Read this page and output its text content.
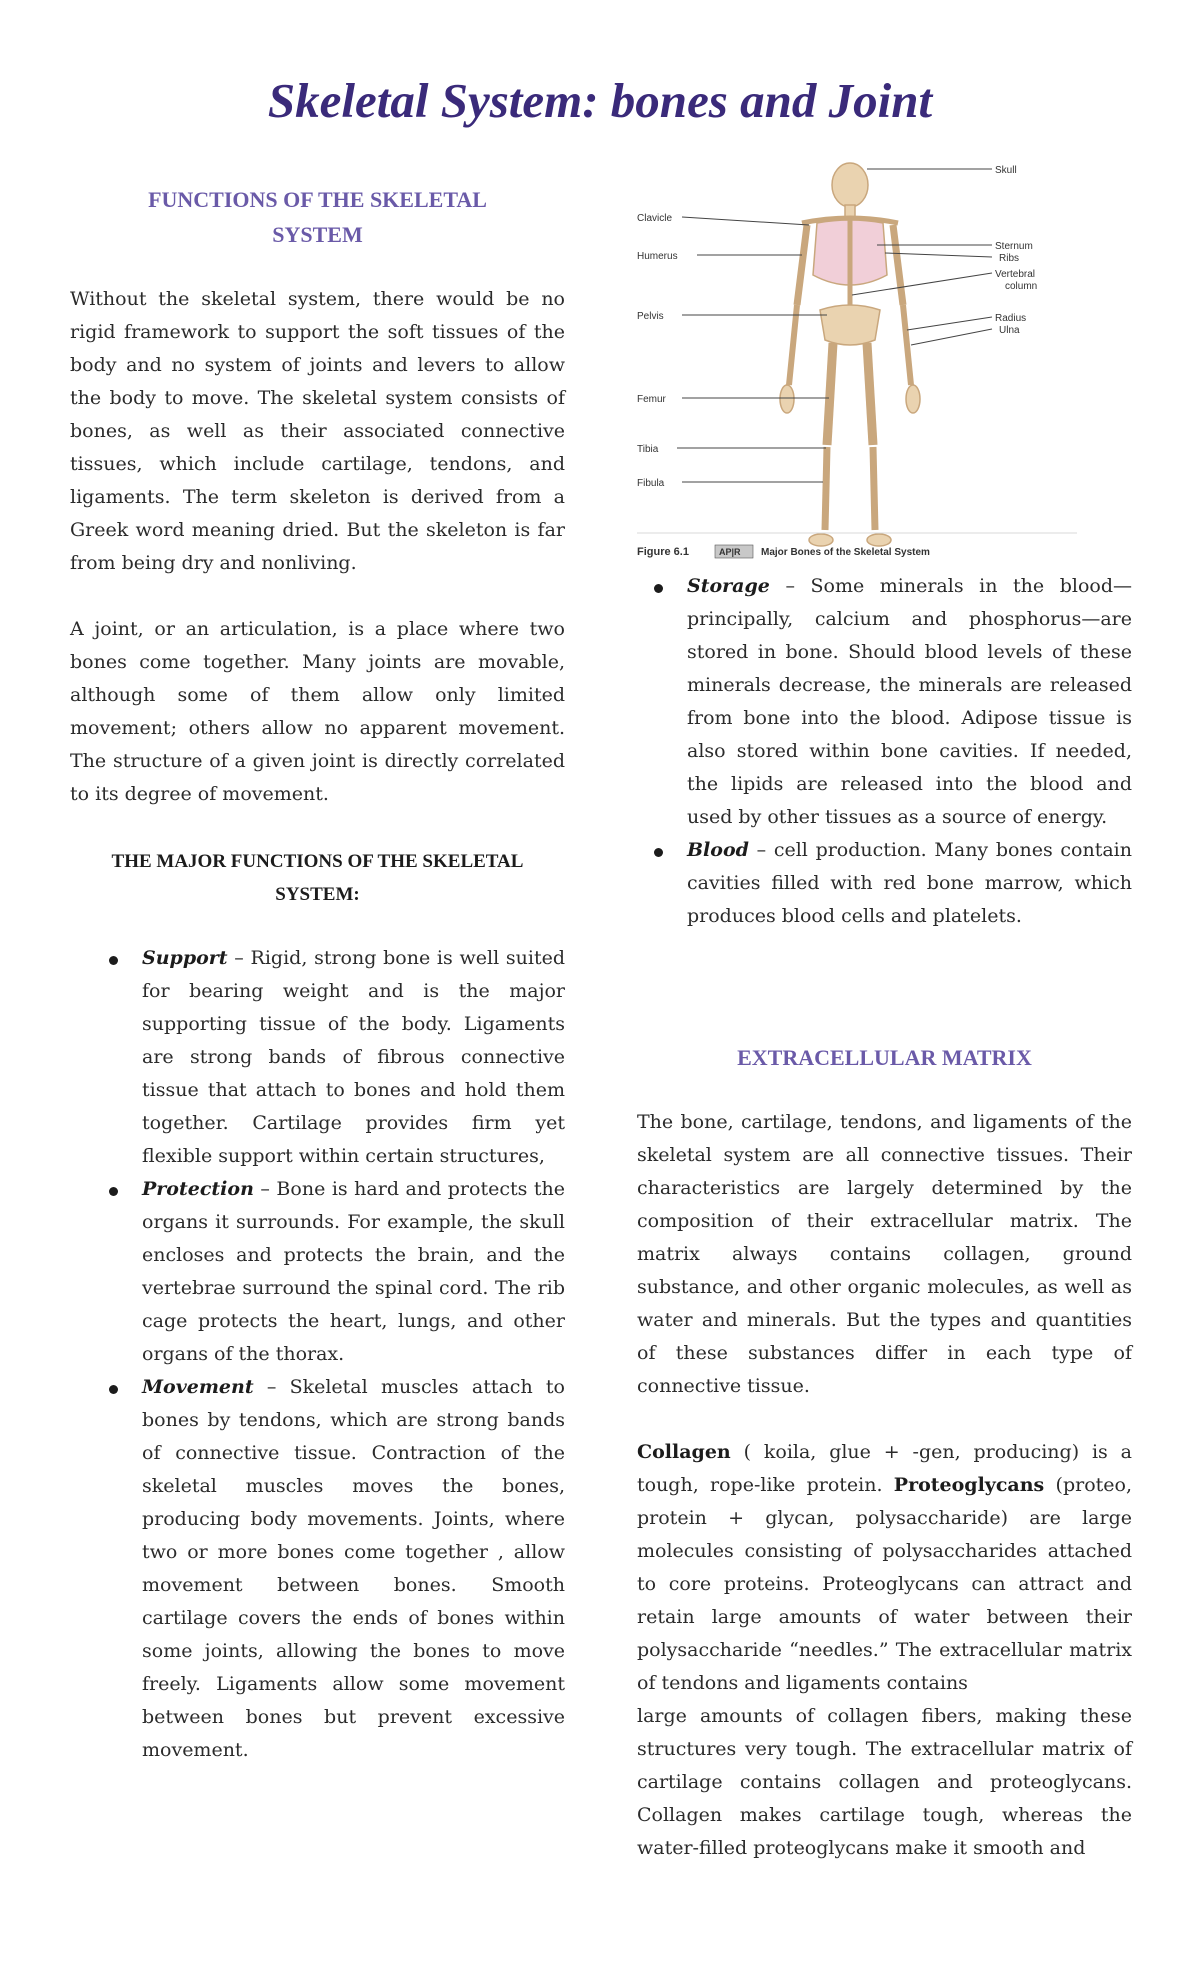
Skeletal System: bones and Joint
FUNCTIONS OF THE SKELETAL
SYSTEM

Without the skeletal system, there would be no rigid framework to support the soft tissues of the body and no system of joints and levers to allow the body to move. The skeletal system consists of bones, as well as their associated connective tissues, which include cartilage, tendons, and ligaments. The term skeleton is derived from a Greek word meaning dried. But the skeleton is far from being dry and nonliving.

A joint, or an articulation, is a place where two bones come together. Many joints are movable, although some of them allow only limited movement; others allow no apparent movement. The structure of a given joint is directly correlated to its degree of movement.

THE MAJOR FUNCTIONS OF THE SKELETAL
SYSTEM:

Support – Rigid, strong bone is well suited for bearing weight and is the major supporting tissue of the body. Ligaments are strong bands of fibrous connective tissue that attach to bones and hold them together. Cartilage provides firm yet flexible support within certain structures,

Protection – Bone is hard and protects the organs it surrounds. For example, the skull encloses and protects the brain, and the vertebrae surround the spinal cord. The rib cage protects the heart, lungs, and other organs of the thorax.

Movement – Skeletal muscles attach to bones by tendons, which are strong bands of connective tissue. Contraction of the skeletal muscles moves the bones, producing body movements. Joints, where two or more bones come together , allow movement between bones. Smooth cartilage covers the ends of bones within some joints, allowing the bones to move freely. Ligaments allow some movement between bones but prevent excessive movement.

Clavicle
Humerus
Pelvis
Femur
Tibia
Fibula
Skull
Sternum
Ribs
Vertebral
column
Radius
Ulna
Figure 6.1	AP|R Major Bones of the Skeletal System

Storage – Some minerals in the blood—principally, calcium and phosphorus—are stored in bone. Should blood levels of these minerals decrease, the minerals are released from bone into the blood. Adipose tissue is also stored within bone cavities. If needed, the lipids are released into the blood and used by other tissues as a source of energy.

Blood – cell production. Many bones contain cavities filled with red bone marrow, which produces blood cells and platelets.

EXTRACELLULAR MATRIX

The bone, cartilage, tendons, and ligaments of the skeletal system are all connective tissues. Their characteristics are largely determined by the composition of their extracellular matrix. The matrix always contains collagen, ground substance, and other organic molecules, as well as water and minerals. But the types and quantities of these substances differ in each type of connective tissue.

Collagen ( koila, glue + -gen, producing) is a tough, rope-like protein. Proteoglycans (proteo, protein + glycan, polysaccharide) are large molecules consisting of polysaccharides attached to core proteins. Proteoglycans can attract and retain large amounts of water between their polysaccharide “needles.” The extracellular matrix of tendons and ligaments contains

large amounts of collagen fibers, making these structures very tough. The extracellular matrix of cartilage contains collagen and proteoglycans. Collagen makes cartilage tough, whereas the water-filled proteoglycans make it smooth and
